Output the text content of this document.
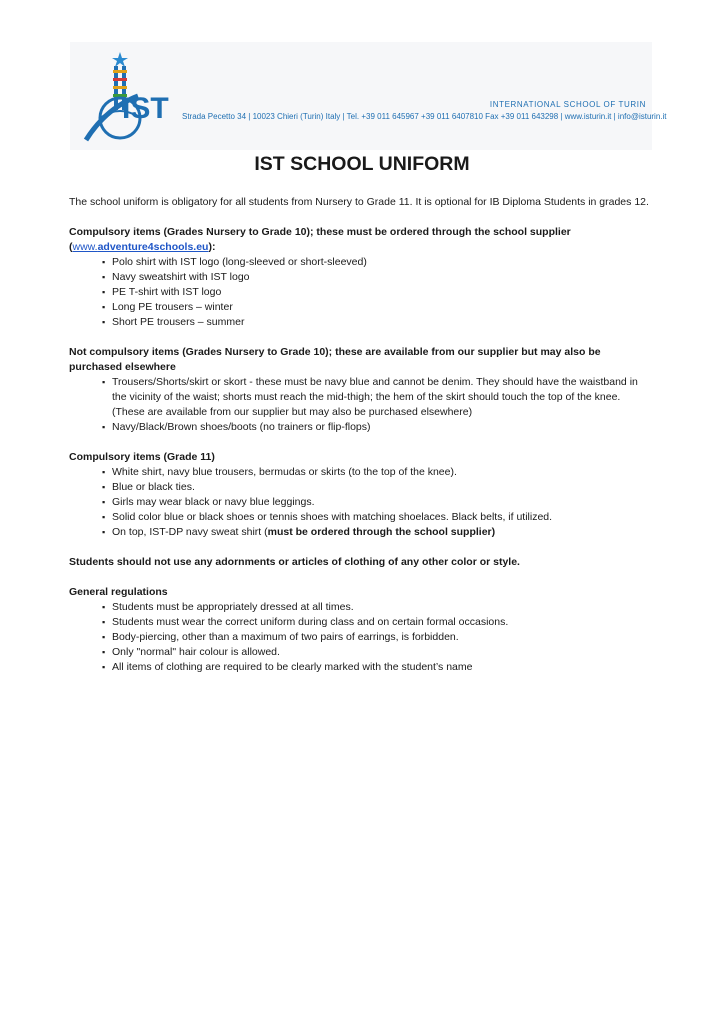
IST	INTERNATIONAL SCHOOL OF TURIN
Strada Pecetto 34 | 10023 Chieri (Turin) Italy | Tel. +39 011 645967 +39 011 6407810 Fax +39 011 643298 | www.isturin.it | info@isturin.it
IST SCHOOL UNIFORM

The school uniform is obligatory for all students from Nursery to Grade 11. It is optional for IB Diploma Students in grades 12.

Compulsory items (Grades Nursery to Grade 10); these must be ordered through the school supplier
(www.adventure4schools.eu):

▪ Polo shirt with IST logo (long-sleeved or short-sleeved)
▪ Navy sweatshirt with IST logo
▪ PE T-shirt with IST logo
▪ Long PE trousers – winter
▪ Short PE trousers – summer

Not compulsory items (Grades Nursery to Grade 10); these are available from our supplier but may also be purchased elsewhere

▪ Trousers/Shorts/skirt or skort - these must be navy blue and cannot be denim. They should have the waistband in the vicinity of the waist; shorts must reach the mid-thigh; the hem of the skirt should touch the top of the knee. (These are available from our supplier but may also be purchased elsewhere)
▪ Navy/Black/Brown shoes/boots (no trainers or flip-flops)

Compulsory items (Grade 11)

▪ White shirt, navy blue trousers, bermudas or skirts (to the top of the knee).
▪ Blue or black ties.
▪ Girls may wear black or navy blue leggings.
▪ Solid color blue or black shoes or tennis shoes with matching shoelaces. Black belts, if utilized.
▪ On top, IST-DP navy sweat shirt (must be ordered through the school supplier)

Students should not use any adornments or articles of clothing of any other color or style.

General regulations

▪ Students must be appropriately dressed at all times.
▪ Students must wear the correct uniform during class and on certain formal occasions.
▪ Body-piercing, other than a maximum of two pairs of earrings, is forbidden.
▪ Only "normal" hair colour is allowed.
▪ All items of clothing are required to be clearly marked with the student’s name
